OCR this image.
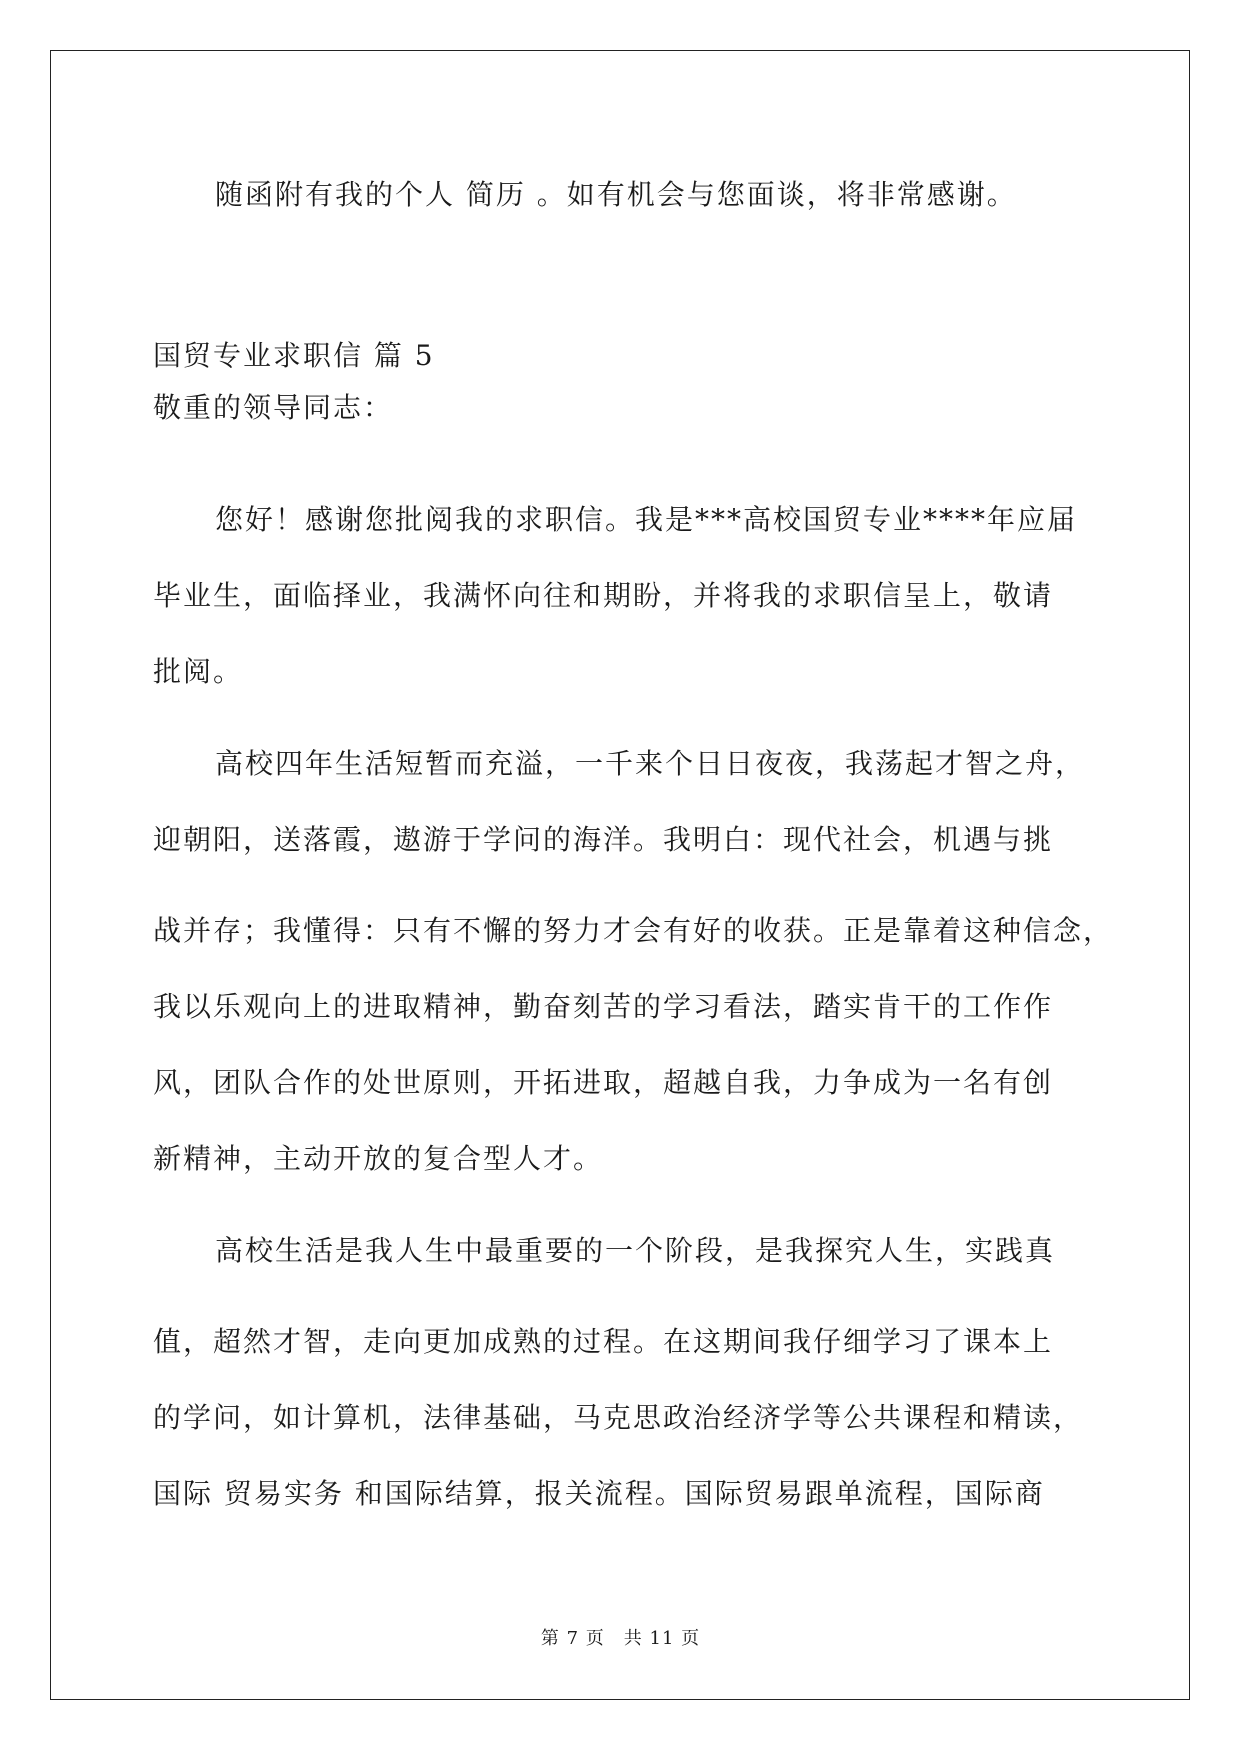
随函附有我的个人 简历 。如有机会与您面谈，将非常感谢。
国贸专业求职信 篇 5
敬重的领导同志：
您好！感谢您批阅我的求职信。我是***高校国贸专业****年应届
毕业生，面临择业，我满怀向往和期盼，并将我的求职信呈上，敬请
批阅。
高校四年生活短暂而充溢，一千来个日日夜夜，我荡起才智之舟，
迎朝阳，送落霞，遨游于学问的海洋。我明白：现代社会，机遇与挑
战并存；我懂得：只有不懈的努力才会有好的收获。正是靠着这种信念，
我以乐观向上的进取精神，勤奋刻苦的学习看法，踏实肯干的工作作
风，团队合作的处世原则，开拓进取，超越自我，力争成为一名有创
新精神，主动开放的复合型人才。
高校生活是我人生中最重要的一个阶段，是我探究人生，实践真
值，超然才智，走向更加成熟的过程。在这期间我仔细学习了课本上
的学问，如计算机，法律基础，马克思政治经济学等公共课程和精读，
国际 贸易实务 和国际结算，报关流程。国际贸易跟单流程，国际商
第 7 页　共 11 页
